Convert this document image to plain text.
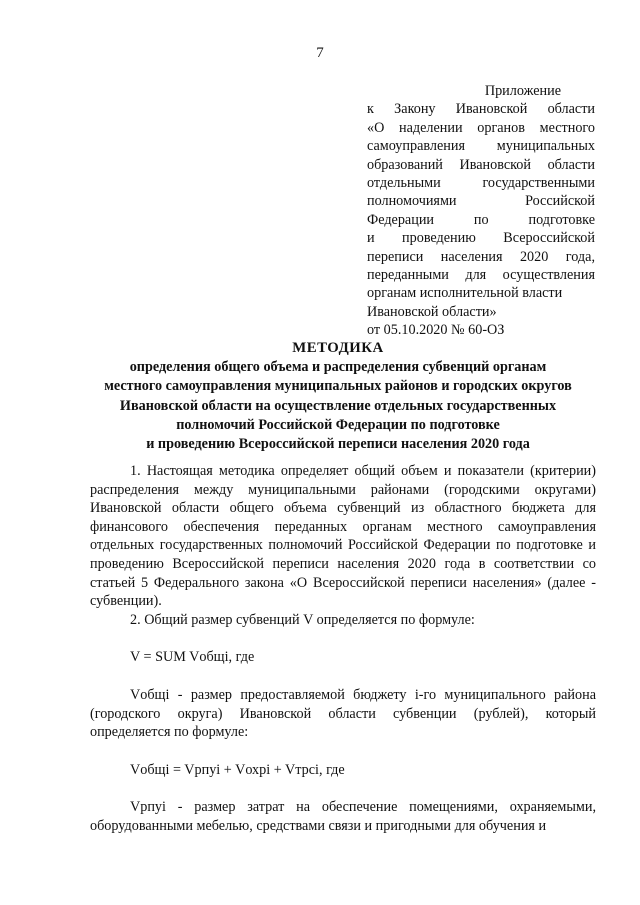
7
Приложение
к Закону Ивановской области
«О наделении органов местного
самоуправления муниципальных
образований Ивановской области
отдельными государственными
полномочиями Российской
Федерации по подготовке
и проведению Всероссийской
переписи населения 2020 года,
переданными для осуществления
органам исполнительной власти
Ивановской области»
от 05.10.2020 № 60-ОЗ
МЕТОДИКА
определения общего объема и распределения субвенций органам
местного самоуправления муниципальных районов и городских округов
Ивановской области на осуществление отдельных государственных
полномочий Российской Федерации по подготовке
и проведению Всероссийской переписи населения 2020 года

1. Настоящая методика определяет общий объем и показатели (критерии) распределения между муниципальными районами (городскими округами) Ивановской области общего объема субвенций из областного бюджета для финансового обеспечения переданных органам местного самоуправления отдельных государственных полномочий Российской Федерации по подготовке и проведению Всероссийской переписи населения 2020 года в соответствии со статьей 5 Федерального закона «О Всероссийской переписи населения» (далее - субвенции).

2. Общий размер субвенций V определяется по формуле:

V = SUM Vобщi, где

Vобщi - размер предоставляемой бюджету i-го муниципального района (городского округа) Ивановской области субвенции (рублей), который определяется по формуле:

Vобщi = Vрпуi + Vохрi + Vтрсi, где

Vрпуi - размер затрат на обеспечение помещениями, охраняемыми, оборудованными мебелью, средствами связи и пригодными для обучения и
